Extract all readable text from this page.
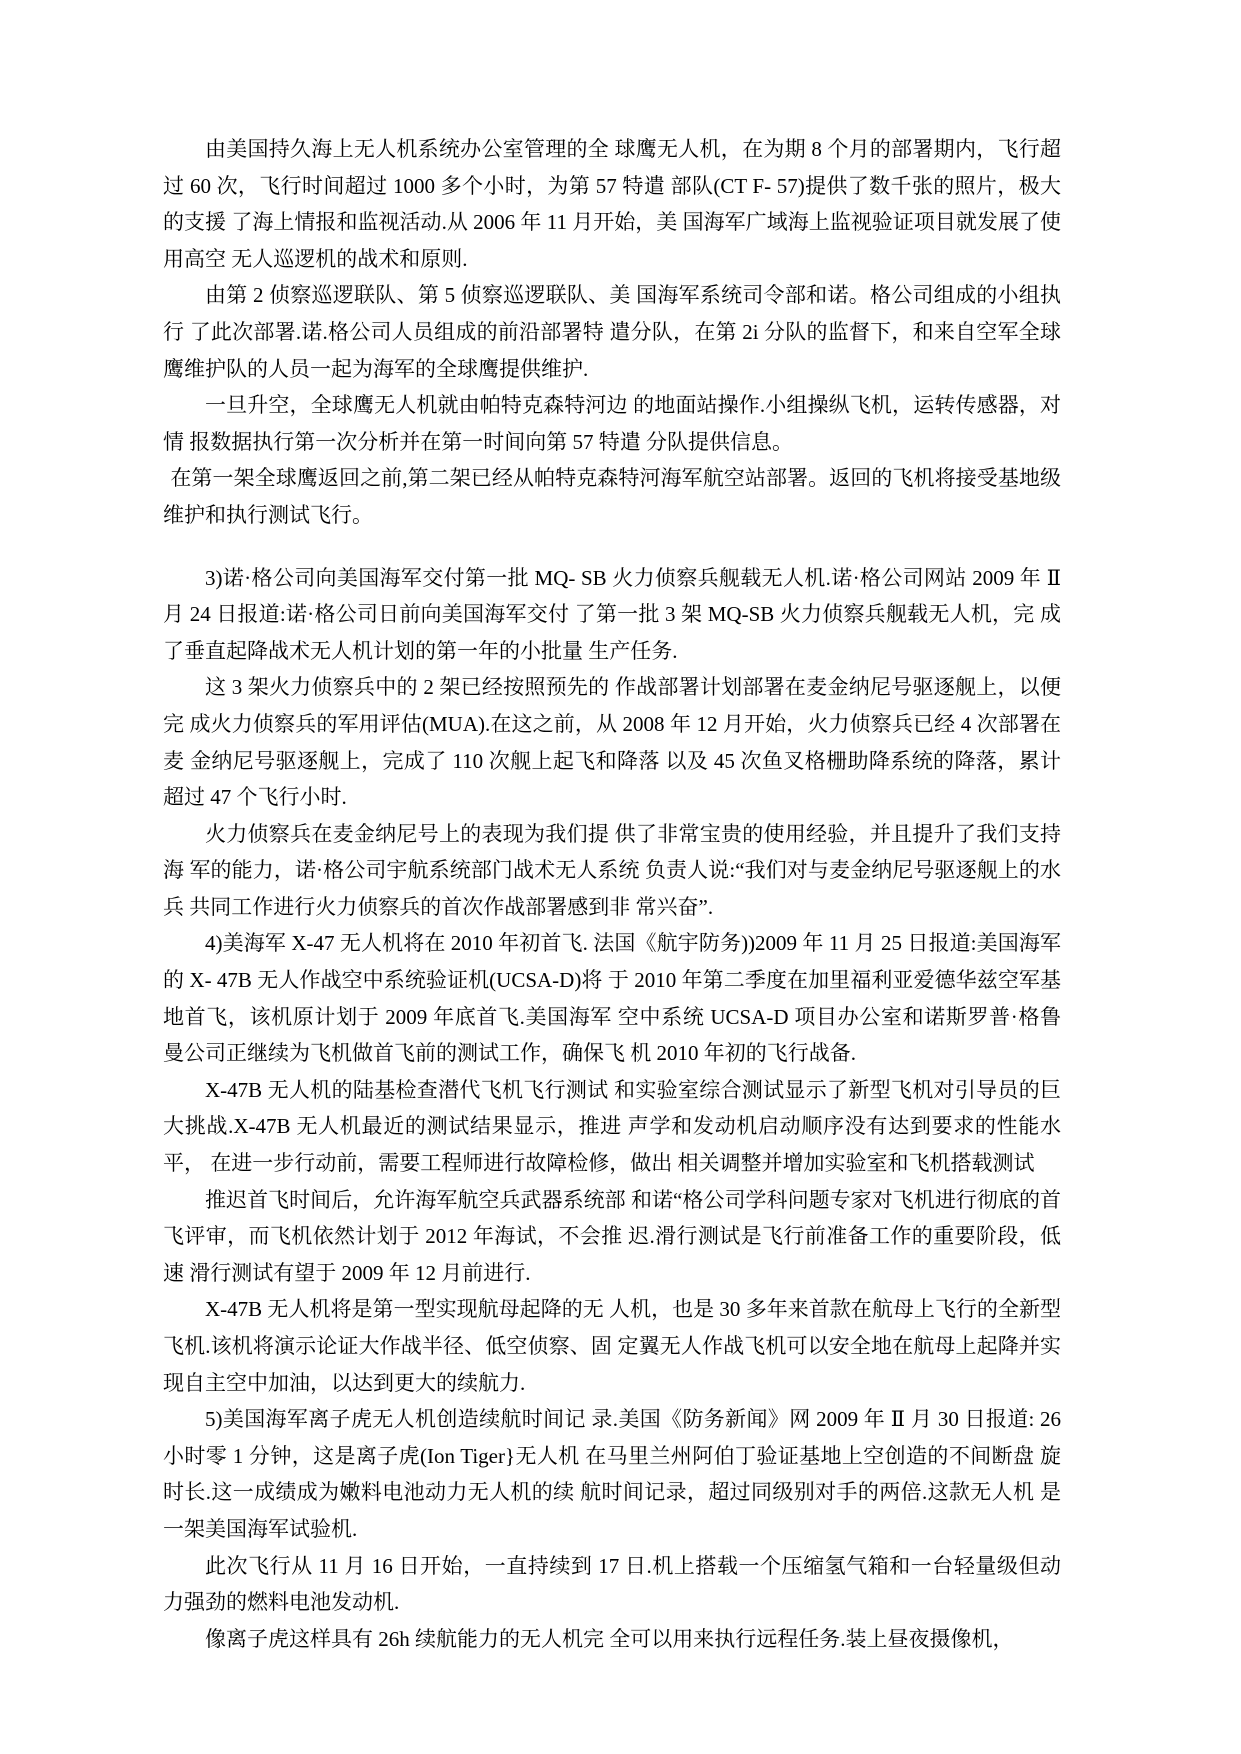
由美国持久海上无人机系统办公室管理的全 球鹰无人机，在为期 8 个月的部署期内，飞行超过 60 次，飞行时间超过 1000 多个小时，为第 57 特遣 部队(CT F- 57)提供了数千张的照片，极大的支援 了海上情报和监视活动.从 2006 年 11 月开始，美 国海军广域海上监视验证项目就发展了使用高空 无人巡逻机的战术和原则.

由第 2 侦察巡逻联队、第 5 侦察巡逻联队、美 国海军系统司令部和诺。格公司组成的小组执行 了此次部署.诺.格公司人员组成的前沿部署特 遣分队，在第 2i 分队的监督下，和来自空军全球 鹰维护队的人员一起为海军的全球鹰提供维护.

一旦升空，全球鹰无人机就由帕特克森特河边 的地面站操作.小组操纵飞机，运转传感器，对情 报数据执行第一次分析并在第一时间向第 57 特遣 分队提供信息。

在第一架全球鹰返回之前,第二架已经从帕特克森特河海军航空站部署。返回的飞机将接受基地级维护和执行测试飞行。

3)诺·格公司向美国海军交付第一批 MQ- SB 火力侦察兵舰载无人机.诺·格公司网站 2009 年 Ⅱ 月 24 日报道:诺·格公司日前向美国海军交付 了第一批 3 架 MQ-SB 火力侦察兵舰载无人机，完 成了垂直起降战术无人机计划的第一年的小批量 生产任务.

这 3 架火力侦察兵中的 2 架已经按照预先的 作战部署计划部署在麦金纳尼号驱逐舰上，以便完 成火力侦察兵的军用评估(MUA).在这之前，从 2008 年 12 月开始，火力侦察兵已经 4 次部署在麦 金纳尼号驱逐舰上，完成了 110 次舰上起飞和降落 以及 45 次鱼叉格栅助降系统的降落，累计超过 47 个飞行小时.

火力侦察兵在麦金纳尼号上的表现为我们提 供了非常宝贵的使用经验，并且提升了我们支持海 军的能力，诺·格公司宇航系统部门战术无人系统 负责人说:“我们对与麦金纳尼号驱逐舰上的水兵 共同工作进行火力侦察兵的首次作战部署感到非 常兴奋”.

4)美海军 X-47 无人机将在 2010 年初首飞. 法国《航宇防务))2009 年 11 月 25 日报道:美国海军 的 X- 47B 无人作战空中系统验证机(UCSA-D)将 于 2010 年第二季度在加里福利亚爱德华兹空军基 地首飞，该机原计划于 2009 年底首飞.美国海军 空中系统 UCSA-D 项目办公室和诺斯罗普·格鲁 曼公司正继续为飞机做首飞前的测试工作，确保飞 机 2010 年初的飞行战备.

X-47B 无人机的陆基检查潜代飞机飞行测试 和实验室综合测试显示了新型飞机对引导员的巨 大挑战.X-47B 无人机最近的测试结果显示，推进 声学和发动机启动顺序没有达到要求的性能水平， 在进一步行动前，需要工程师进行故障检修，做出 相关调整并增加实验室和飞机搭载测试

推迟首飞时间后，允许海军航空兵武器系统部 和诺“格公司学科问题专家对飞机进行彻底的首 飞评审，而飞机依然计划于 2012 年海试，不会推 迟.滑行测试是飞行前准备工作的重要阶段，低速 滑行测试有望于 2009 年 12 月前进行.

X-47B 无人机将是第一型实现航母起降的无 人机，也是 30 多年来首款在航母上飞行的全新型 飞机.该机将演示论证大作战半径、低空侦察、固 定翼无人作战飞机可以安全地在航母上起降并实 现自主空中加油，以达到更大的续航力.

5)美国海军离子虎无人机创造续航时间记 录.美国《防务新闻》网 2009 年 Ⅱ 月 30 日报道: 26 小时零 1 分钟，这是离子虎(Ion Tiger}无人机 在马里兰州阿伯丁验证基地上空创造的不间断盘 旋时长.这一成绩成为嫩料电池动力无人机的续 航时间记录，超过同级别对手的两倍.这款无人机 是一架美国海军试验机.

此次飞行从 11 月 16 日开始，一直持续到 17 日.机上搭载一个压缩氢气箱和一台轻量级但动 力强劲的燃料电池发动机.

像离子虎这样具有 26h 续航能力的无人机完 全可以用来执行远程任务.装上昼夜摄像机，
